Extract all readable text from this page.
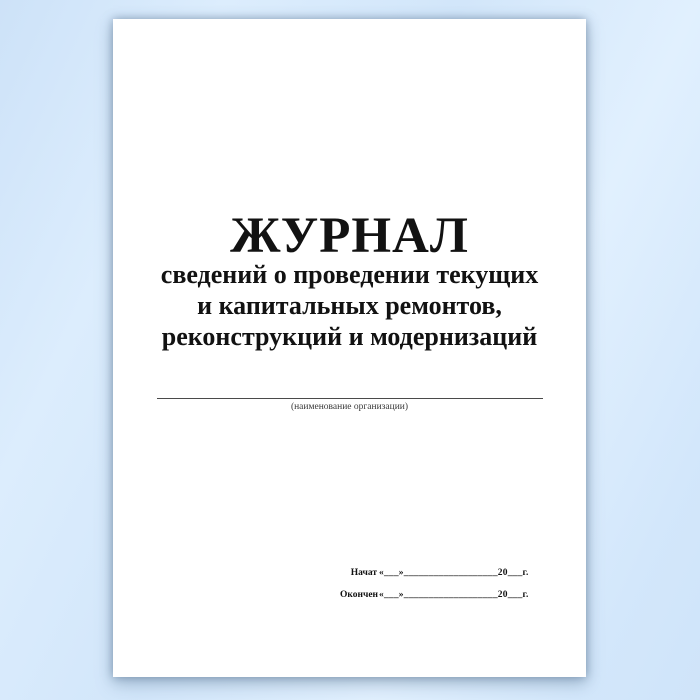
ЖУРНАЛ
сведений о проведении текущих
и капитальных ремонтов,
реконструкций и модернизаций
(наименование организации)
Начат «___»___________________20___г.
Окончен «___»___________________20___г.
